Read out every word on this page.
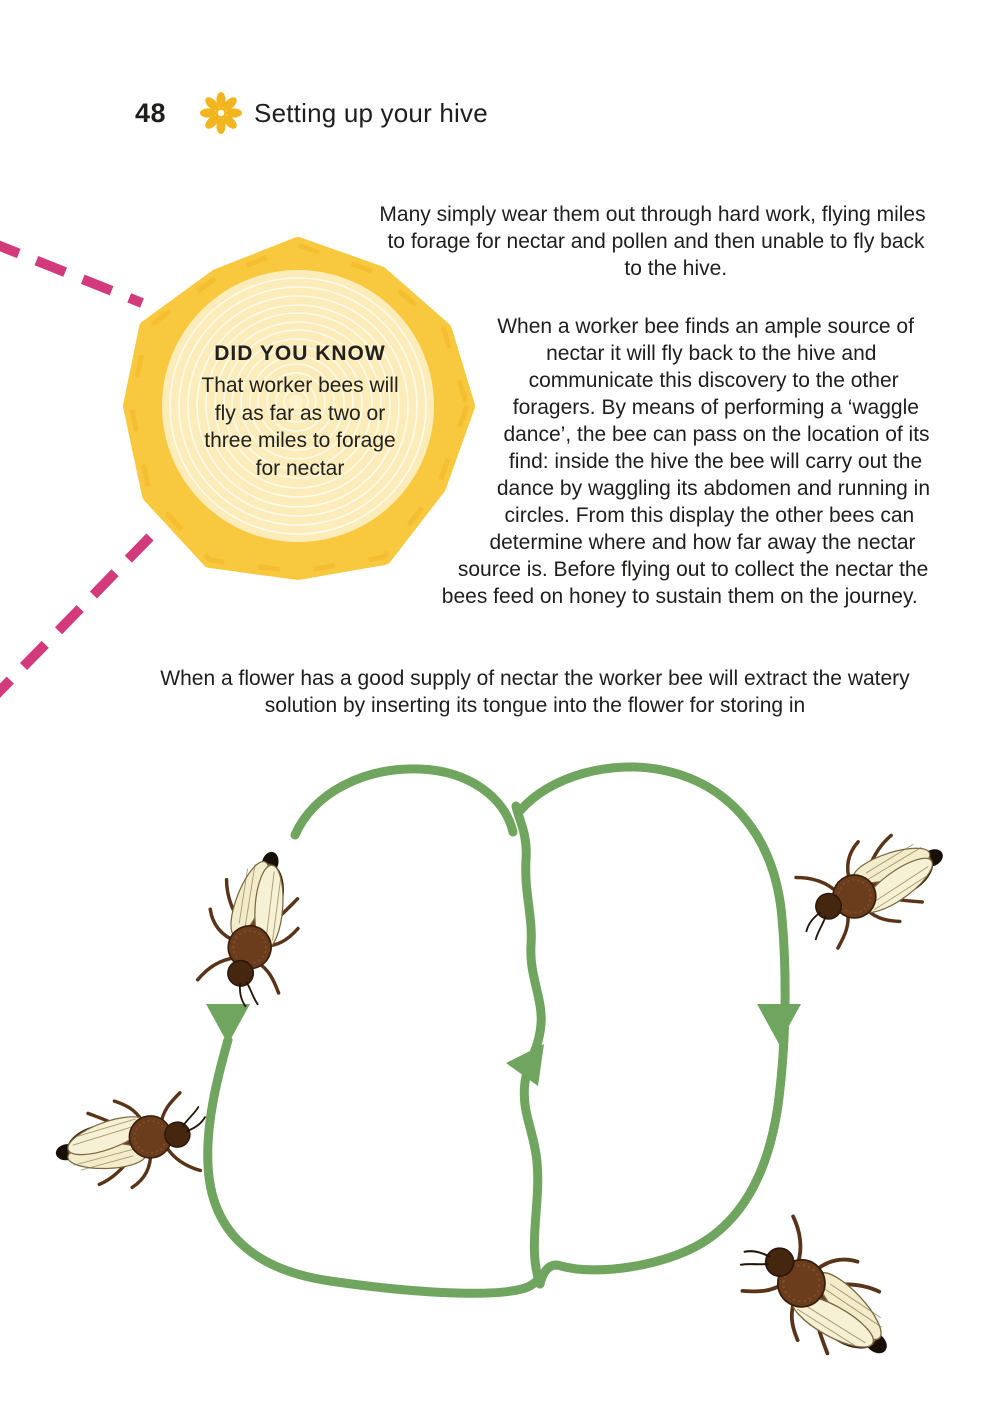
48	Setting up your hive
DID YOU KNOW
That worker bees will fly as far as two or three miles to forage for nectar

Many simply wear them out through hard work, flying miles to forage for nectar and pollen and then unable to fly back to the hive.

When a worker bee finds an ample source of nectar it will fly back to the hive and communicate this discovery to the other foragers. By means of performing a ‘waggle dance’, the bee can pass on the location of its find: inside the hive the bee will carry out the dance by waggling its abdomen and running in circles. From this display the other bees can determine where and how far away the nectar source is. Before flying out to collect the nectar the bees feed on honey to sustain them on the journey.

When a flower has a good supply of nectar the worker bee will extract the watery solution by inserting its tongue into the flower for storing in
